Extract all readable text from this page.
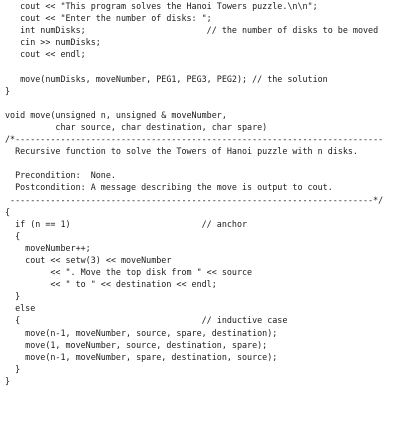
cout << "This program solves the Hanoi Towers puzzle.\n\n";
cout << "Enter the number of disks: ";
int numDisks;                        // the number of disks to be moved
cin >> numDisks;
cout << endl;
move(numDisks, moveNumber, PEG1, PEG3, PEG2); // the solution
}
void move(unsigned n, unsigned & moveNumber,
char source, char destination, char spare)
/*-------------------------------------------------------------------------
Recursive function to solve the Towers of Hanoi puzzle with n disks.
Precondition:  None.
Postcondition: A message describing the move is output to cout.
------------------------------------------------------------------------*/
{
if (n == 1)                          // anchor
{
moveNumber++;
cout << setw(3) << moveNumber
<< ". Move the top disk from " << source
<< " to " << destination << endl;
}
else
{                                    // inductive case
move(n-1, moveNumber, source, spare, destination);
move(1, moveNumber, source, destination, spare);
move(n-1, moveNumber, spare, destination, source);
}
}
